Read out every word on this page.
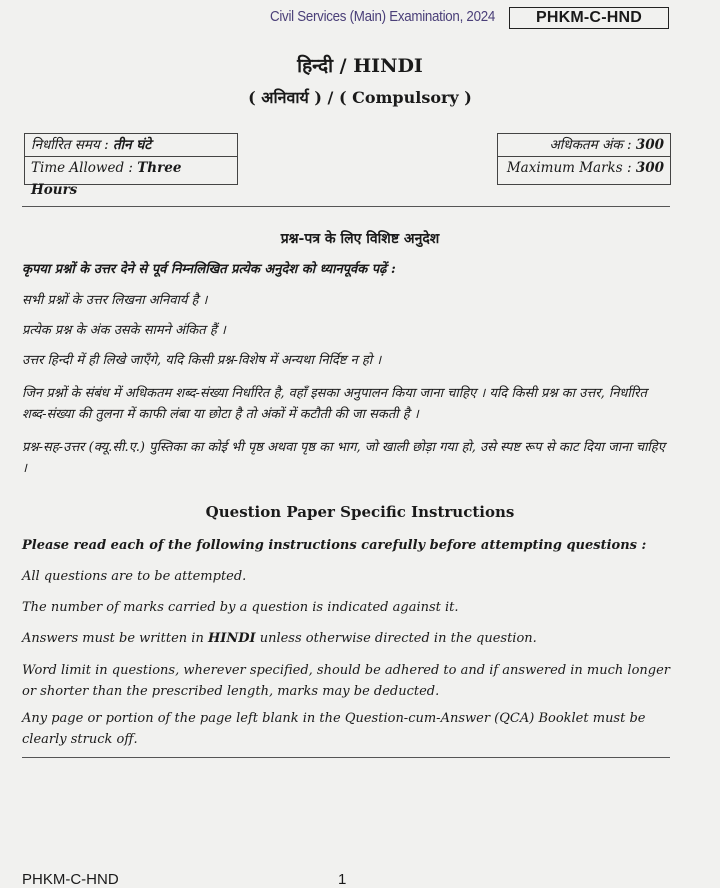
Civil Services (Main) Examination, 2024	PHKM-C-HND
हिन्दी / HINDI
( अनिवार्य ) / ( Compulsory )
निर्धारित समय : तीन घंटे
Time Allowed : Three Hours
अधिकतम अंक : 300
Maximum Marks : 300
प्रश्न-पत्र के लिए विशिष्ट अनुदेश
कृपया प्रश्नों के उत्तर देने से पूर्व निम्नलिखित प्रत्येक अनुदेश को ध्यानपूर्वक पढ़ें :
सभी प्रश्नों के उत्तर लिखना अनिवार्य है ।
प्रत्येक प्रश्न के अंक उसके सामने अंकित हैं ।
उत्तर हिन्दी में ही लिखे जाएँगे, यदि किसी प्रश्न-विशेष में अन्यथा निर्दिष्ट न हो ।
जिन प्रश्नों के संबंध में अधिकतम शब्द-संख्या निर्धारित है, वहाँ इसका अनुपालन किया जाना चाहिए । यदि किसी प्रश्न का उत्तर, निर्धारित शब्द-संख्या की तुलना में काफी लंबा या छोटा है तो अंकों में कटौती की जा सकती है ।
प्रश्न-सह-उत्तर (क्यू.सी.ए.) पुस्तिका का कोई भी पृष्ठ अथवा पृष्ठ का भाग, जो खाली छोड़ा गया हो, उसे स्पष्ट रूप से काट दिया जाना चाहिए ।
Question Paper Specific Instructions
Please read each of the following instructions carefully before attempting questions :
All questions are to be attempted.
The number of marks carried by a question is indicated against it.
Answers must be written in HINDI unless otherwise directed in the question.
Word limit in questions, wherever specified, should be adhered to and if answered in much longer or shorter than the prescribed length, marks may be deducted.
Any page or portion of the page left blank in the Question-cum-Answer (QCA) Booklet must be clearly struck off.
PHKM-C-HND	1
